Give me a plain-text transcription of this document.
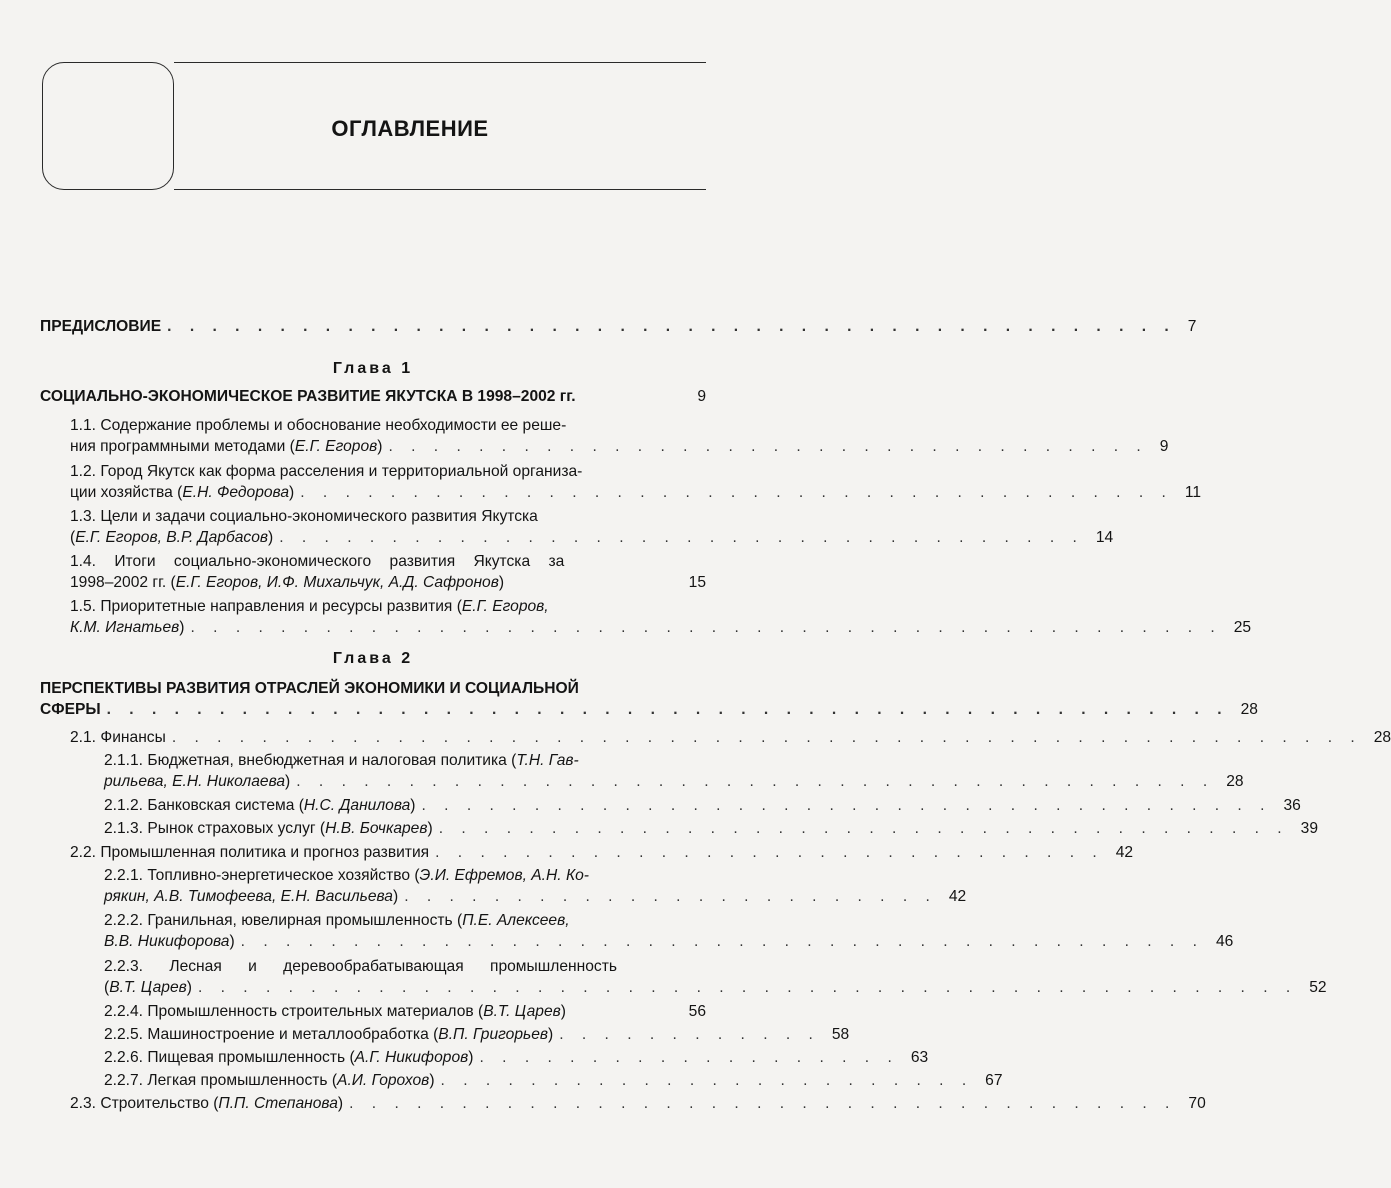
ОГЛАВЛЕНИЕ
ПРЕДИСЛОВИЕ . . . . . . . . . . . . . . . . . . . . . . . . . . . . . . . . . . . . . . . . . . . . . 7
Глава 1
СОЦИАЛЬНО-ЭКОНОМИЧЕСКОЕ РАЗВИТИЕ ЯКУТСКА В 1998–2002 гг.	9
1.1. Содержание проблемы и обоснование необходимости ее реше-
ния программными методами ( Е.Г. Егоров ) . . . . . . . . . . . . . . . . . . . . . . . . . . . . . . . . . . 9
1.2. Город Якутск как форма расселения и территориальной организа-
ции хозяйства ( Е.Н. Федорова ) . . . . . . . . . . . . . . . . . . . . . . . . . . . . . . . . . . . . . . . 11
1.3. Цели и задачи социально-экономического развития Якутска
( Е.Г. Егоров, В.Р. Дарбасов ) . . . . . . . . . . . . . . . . . . . . . . . . . . . . . . . . . . . . 14
1.4. Итоги социально-экономического развития Якутска за
1998–2002 гг. ( Е.Г. Егоров, И.Ф. Михальчук, А.Д. Сафронов )	15
1.5. Приоритетные направления и ресурсы развития ( Е.Г. Егоров,
К.М. Игнатьев ) . . . . . . . . . . . . . . . . . . . . . . . . . . . . . . . . . . . . . . . . . . . . . . 25
Глава 2
ПЕРСПЕКТИВЫ РАЗВИТИЯ ОТРАСЛЕЙ ЭКОНОМИКИ И СОЦИАЛЬНОЙ
СФЕРЫ . . . . . . . . . . . . . . . . . . . . . . . . . . . . . . . . . . . . . . . . . . . . . . . . . . 28
2.1. Финансы . . . . . . . . . . . . . . . . . . . . . . . . . . . . . . . . . . . . . . . . . . . . . . . . . . . . . 28
2.1.1. Бюджетная, внебюджетная и налоговая политика ( Т.Н. Гав-
рильева, Е.Н. Николаева ) . . . . . . . . . . . . . . . . . . . . . . . . . . . . . . . . . . . . . . . . . 28
2.1.2. Банковская система ( Н.С. Данилова ) . . . . . . . . . . . . . . . . . . . . . . . . . . . . . . . . . . . . . . 36
2.1.3. Рынок страховых услуг ( Н.В. Бочкарев ) . . . . . . . . . . . . . . . . . . . . . . . . . . . . . . . . . . . . . . 39
2.2. Промышленная политика и прогноз развития . . . . . . . . . . . . . . . . . . . . . . . . . . . . . . 42
2.2.1. Топливно-энергетическое хозяйство ( Э.И. Ефремов, А.Н. Ко-
рякин, А.В. Тимофеева, Е.Н. Васильева ) . . . . . . . . . . . . . . . . . . . . . . . . 42
2.2.2. Гранильная, ювелирная промышленность ( П.Е. Алексеев,
В.В. Никифорова ) . . . . . . . . . . . . . . . . . . . . . . . . . . . . . . . . . . . . . . . . . . . 46
2.2.3. Лесная и деревообрабатывающая промышленность
( В.Т. Царев ) . . . . . . . . . . . . . . . . . . . . . . . . . . . . . . . . . . . . . . . . . . . . . . . . . 52
2.2.4. Промышленность строительных материалов ( В.Т. Царев )	56
2.2.5. Машиностроение и металлообработка ( В.П. Григорьев ) . . . . . . . . . . . . 58
2.2.6. Пищевая промышленность ( А.Г. Никифоров ) . . . . . . . . . . . . . . . . . . . 63
2.2.7. Легкая промышленность ( А.И. Горохов ) . . . . . . . . . . . . . . . . . . . . . . . . 67
2.3. Строительство ( П.П. Степанова ) . . . . . . . . . . . . . . . . . . . . . . . . . . . . . . . . . . . . . 70
